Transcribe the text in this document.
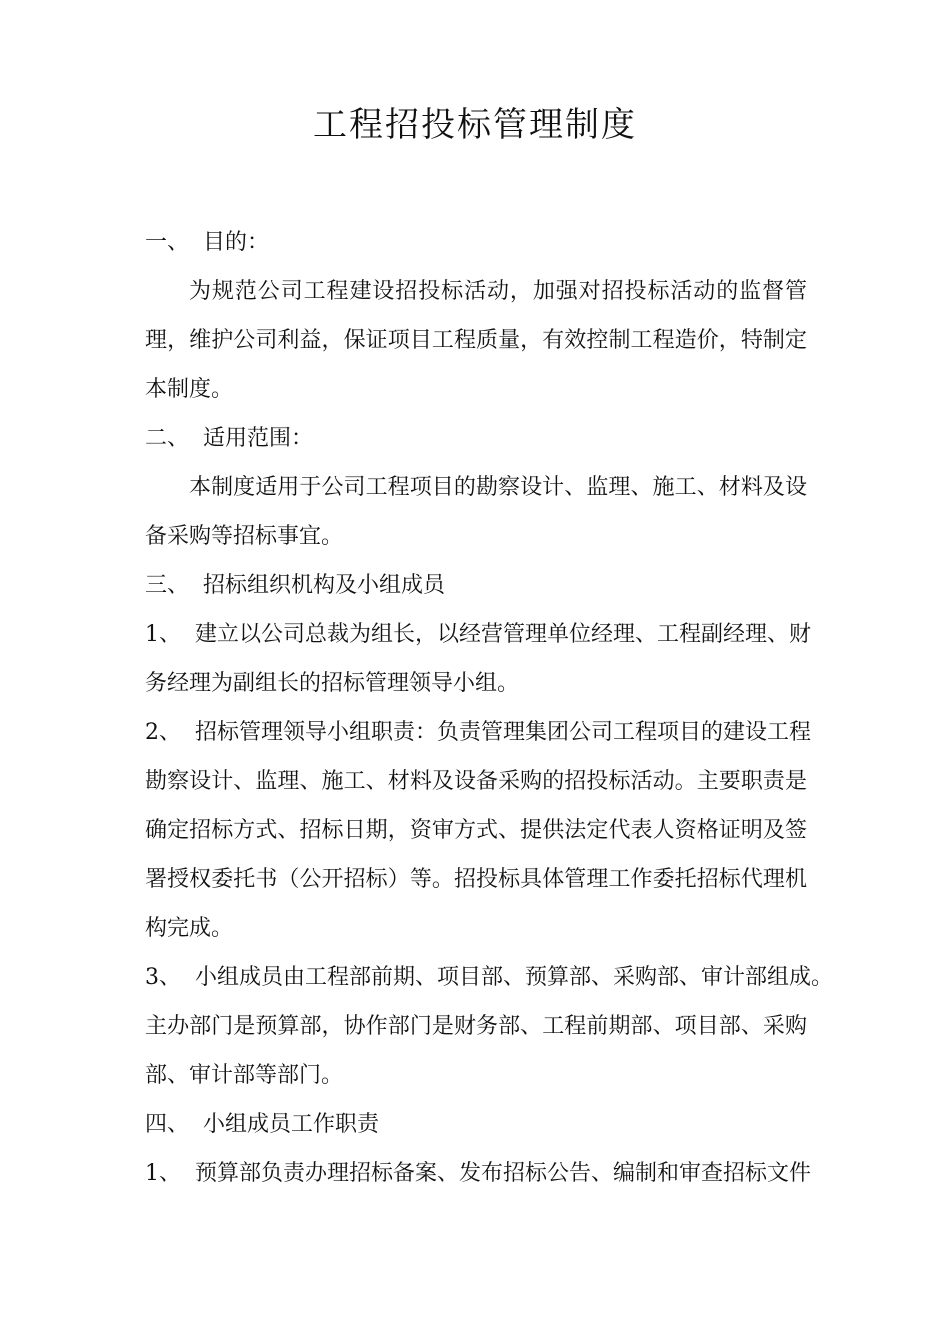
工程招投标管理制度

一、 目的：

为规范公司工程建设招投标活动，加强对招投标活动的监督管

理，维护公司利益，保证项目工程质量，有效控制工程造价，特制定

本制度。

二、 适用范围：

本制度适用于公司工程项目的勘察设计、监理、施工、材料及设

备采购等招标事宜。

三、 招标组织机构及小组成员

1、 建立以公司总裁为组长，以经营管理单位经理、工程副经理、财

务经理为副组长的招标管理领导小组。

2、 招标管理领导小组职责：负责管理集团公司工程项目的建设工程

勘察设计、监理、施工、材料及设备采购的招投标活动。主要职责是

确定招标方式、招标日期，资审方式、提供法定代表人资格证明及签

署授权委托书（公开招标）等。招投标具体管理工作委托招标代理机

构完成。

3、 小组成员由工程部前期、项目部、预算部、采购部、审计部组成。

主办部门是预算部，协作部门是财务部、工程前期部、项目部、采购

部、审计部等部门。

四、 小组成员工作职责

1、 预算部负责办理招标备案、发布招标公告、编制和审查招标文件
